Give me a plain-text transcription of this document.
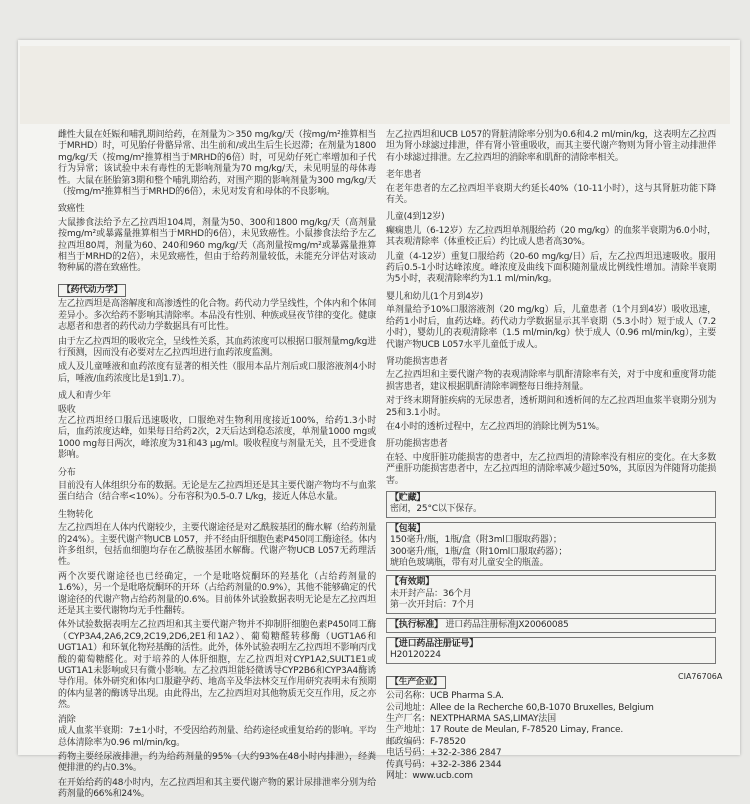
雌性大鼠在妊娠和哺乳期间给药，在剂量为＞350 mg/kg/天（按mg/m²推算相当于MRHD）时，可见胎仔骨骼异常、出生前和/或出生后生长迟滞；在剂量为1800 mg/kg/天（按mg/m²推算相当于MRHD的6倍）时，可见幼仔死亡率增加和子代行为异常；该试验中未有毒性的无影响剂量为70 mg/kg/天，未见明显的母体毒性。大鼠在胚胎第3期和整个哺乳期给药，对围产期的影响剂量为300 mg/kg/天（按mg/m²推算相当于MRHD的6倍），未见对发育和母体的不良影响。

致癌性

大鼠掺食法给予左乙拉西坦104周，剂量为50、300和1800 mg/kg/天（高剂量按mg/m²或暴露量推算相当于MRHD的6倍），未见致癌性。小鼠掺食法给予左乙拉西坦80周，剂量为60、240和960 mg/kg/天（高剂量按mg/m²或暴露量推算相当于MRHD的2倍），未见致癌性，但由于给药剂量较低，未能充分评估对该动物种属的潜在致癌性。

【药代动力学】

左乙拉西坦是高溶解度和高渗透性的化合物。药代动力学呈线性，个体内和个体间差异小。多次给药不影响其清除率。本品没有性别、种族或昼夜节律的变化。健康志愿者和患者的药代动力学数据具有可比性。

由于左乙拉西坦的吸收完全，呈线性关系，其血药浓度可以根据口服剂量mg/kg进行预测，因而没有必要对左乙拉西坦进行血药浓度监测。

成人及儿童唾液和血药浓度有显著的相关性（服用本品片剂后或口服溶液剂4小时后，唾液/血药浓度比是1到1.7）。

成人和青少年
吸收

左乙拉西坦经口服后迅速吸收，口服绝对生物利用度接近100%，给药1.3小时后，血药浓度达峰，如果每日给药2次，2天后达到稳态浓度，单剂量1000 mg或1000 mg每日两次，峰浓度为31和43 μg/ml。吸收程度与剂量无关，且不受进食影响。

分布

目前没有人体组织分布的数据。无论是左乙拉西坦还是其主要代谢产物均不与血浆蛋白结合（结合率<10%）。分布容积为0.5-0.7 L/kg，接近人体总水量。

生物转化

左乙拉西坦在人体内代谢较少，主要代谢途径是对乙酰胺基团的酶水解（给药剂量的24%）。主要代谢产物UCB L057，并不经由肝细胞色素P450同工酶途径。体内许多组织，包括血细胞均存在乙酰胺基团水解酶。代谢产物UCB L057无药理活性。

两个次要代谢途径也已经确定，一个是吡咯烷酮环的羟基化（占给药剂量的1.6%），另一个是吡咯烷酮环的开环（占给药剂量的0.9%），其他不能够确定的代谢途径的代谢产物占给药剂量的0.6%。目前体外试验数据表明无论是左乙拉西坦还是其主要代谢物均无手性翻转。

体外试验数据表明左乙拉西坦和其主要代谢产物并不抑制肝细胞色素P450同工酶（CYP3A4,2A6,2C9,2C19,2D6,2E1和1A2）、葡萄糖醛转移酶（UGT1A6和UGT1A1）和环氧化物羟基酶的活性。此外，体外试验表明左乙拉西坦不影响丙戊酸的葡萄糖醛化。对于培养的人体肝细胞，左乙拉西坦对CYP1A2,SULT1E1或UGT1A1未影响或只有微小影响。左乙拉西坦能轻微诱导CYP2B6和CYP3A4酶诱导作用。体外研究和体内口服避孕药、地高辛及华法林交互作用研究表明未有预期的体内显著的酶诱导出现。由此得出，左乙拉西坦对其他物质无交互作用，反之亦然。

消除

成人血浆半衰期：7±1小时，不受因给药剂量、给药途径或重复给药的影响。平均总体清除率为0.96 ml/min/kg。

药物主要经尿液排泄，约为给药剂量的95%（大约93%在48小时内排泄），经粪便排泄的约占0.3%。

在开始给药的48小时内，左乙拉西坦和其主要代谢产物的累计尿排泄率分别为给药剂量的66%和24%。

左乙拉西坦和UCB L057的肾脏清除率分别为0.6和4.2 ml/min/kg，这表明左乙拉西坦为肾小球滤过排泄，伴有肾小管重吸收，而其主要代谢产物则为肾小管主动排泄伴有小球滤过排泄。左乙拉西坦的消除率和肌酐的清除率相关。

老年患者

在老年患者的左乙拉西坦半衰期大约延长40%（10-11小时），这与其肾脏功能下降有关。

儿童(4到12岁)

癫痫患儿（6-12岁）左乙拉西坦单剂服给药（20 mg/kg）的血浆半衰期为6.0小时，其表观清除率（体重校正后）约比成人患者高30%。

儿童（4-12岁）重复口服给药（20-60 mg/kg/日）后，左乙拉西坦迅速吸收。服用药后0.5-1小时达峰浓度。峰浓度及曲线下面积随剂量成比例线性增加。清除半衰期为5小时，表观清除率约为1.1 ml/min/kg。

婴儿和幼儿(1个月到4岁)

单剂量给予10%口服溶液剂（20 mg/kg）后，儿童患者（1个月到4岁）吸收迅速，给药1小时后，血药达峰。药代动力学数据显示其半衰期（5.3小时）短于成人（7.2小时），婴幼儿的表观清除率（1.5 ml/min/kg）快于成人（0.96 ml/min/kg），主要代谢产物UCB L057水平儿童低于成人。

肾功能损害患者

左乙拉西坦和主要代谢产物的表观清除率与肌酐清除率有关，对于中度和重度肾功能损害患者，建议根据肌酐清除率调整每日维持剂量。

对于终末期肾脏疾病的无尿患者，透析期间和透析间的左乙拉西坦血浆半衰期分别为25和3.1小时。

在4小时的透析过程中，左乙拉西坦的消除比例为51%。

肝功能损害患者

在轻、中度肝脏功能损害的患者中，左乙拉西坦的清除率没有相应的变化。在大多数严重肝功能损害患者中，左乙拉西坦的清除率减少超过50%，其原因为伴随肾功能损害。

【贮藏】
密闭，25°C以下保存。
【包装】
150毫升/瓶，1瓶/盒（附3ml口服取药器）；
300毫升/瓶，1瓶/盒（附10ml口服取药器）；
琥珀色玻璃瓶，带有对儿童安全的瓶盖。
【有效期】
未开封产品：36个月
第一次开封后：7个月
【执行标准】 进口药品注册标准JX20060085
【进口药品注册证号】
H20120224
【生产企业】
公司名称：UCB Pharma S.A.
公司地址：Allee de la Recherche 60,B-1070 Bruxelles, Belgium
生产厂名：NEXTPHARMA SAS,LIMAY法国
生产地址：17 Route de Meulan, F-78520 Limay, France.
邮政编码：F-78520
电话号码：+32-2-386 2847
传真号码：+32-2-386 2344
网址：www.ucb.com
CIA76706A
